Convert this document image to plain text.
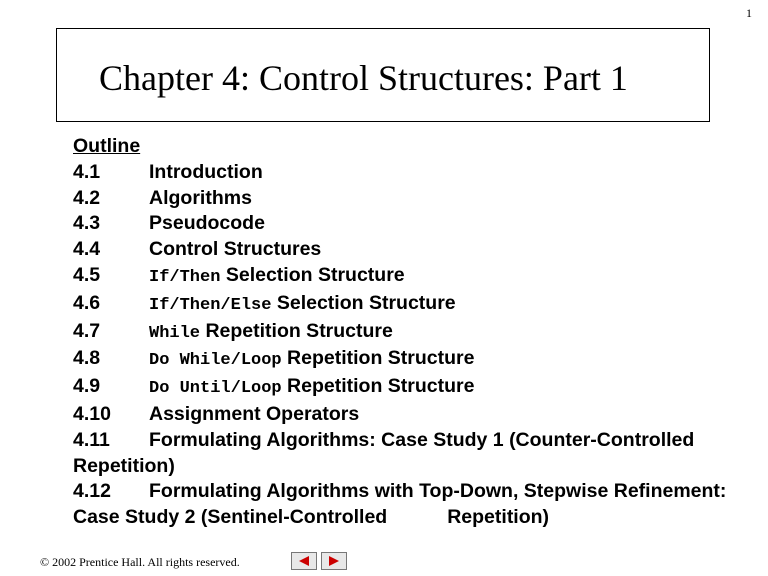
1
Chapter 4: Control Structures: Part 1
Outline
4.1	Introduction
4.2	Algorithms
4.3	Pseudocode
4.4	Control Structures
4.5	If/Then Selection Structure
4.6	If/Then/Else Selection Structure
4.7	While Repetition Structure
4.8	Do While/Loop Repetition Structure
4.9	Do Until/Loop Repetition Structure
4.10 Assignment Operators
4.11 Formulating Algorithms: Case Study 1 (Counter-Controlled Repetition)
4.12 Formulating Algorithms with Top-Down, Stepwise Refinement: Case Study 2 (Sentinel-Controlled	Repetition)
© 2002 Prentice Hall. All rights reserved.
